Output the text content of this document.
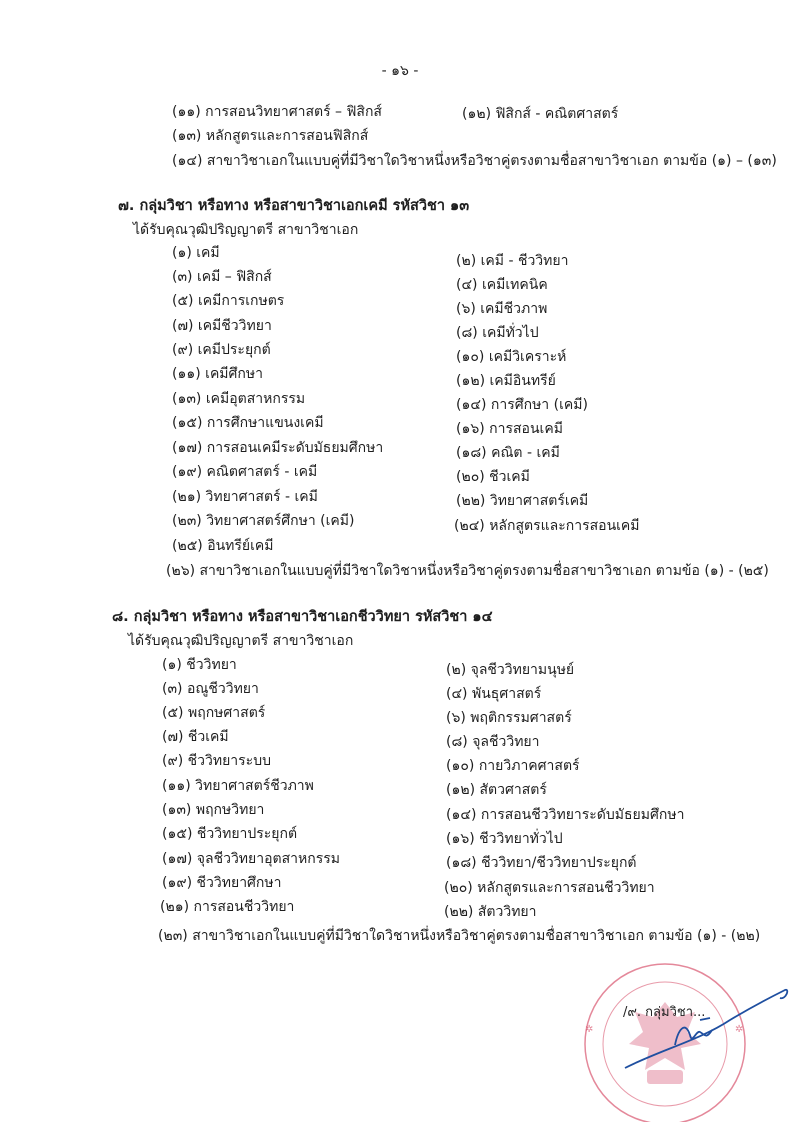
- ๑๖ -
(๑๑) การสอนวิทยาศาสตร์ – ฟิสิกส์	(๑๒) ฟิสิกส์ - คณิตศาสตร์
(๑๓) หลักสูตรและการสอนฟิสิกส์
(๑๔) สาขาวิชาเอกในแบบคู่ที่มีวิชาใดวิชาหนึ่งหรือวิชาคู่ตรงตามชื่อสาขาวิชาเอก ตามข้อ (๑) – (๑๓)
๗. กลุ่มวิชา หรือทาง หรือสาขาวิชาเอกเคมี รหัสวิชา ๑๓
ได้รับคุณวุฒิปริญญาตรี สาขาวิชาเอก
(๑) เคมี	(๒) เคมี - ชีววิทยา
(๓) เคมี – ฟิสิกส์	(๔) เคมีเทคนิค
(๕) เคมีการเกษตร	(๖) เคมีชีวภาพ
(๗) เคมีชีววิทยา	(๘) เคมีทั่วไป
(๙) เคมีประยุกต์	(๑๐) เคมีวิเคราะห์
(๑๑) เคมีศึกษา	(๑๒) เคมีอินทรีย์
(๑๓) เคมีอุตสาหกรรม	(๑๔) การศึกษา (เคมี)
(๑๕) การศึกษาแขนงเคมี	(๑๖) การสอนเคมี
(๑๗) การสอนเคมีระดับมัธยมศึกษา	(๑๘) คณิต - เคมี
(๑๙) คณิตศาสตร์ - เคมี	(๒๐) ชีวเคมี
(๒๑) วิทยาศาสตร์ - เคมี	(๒๒) วิทยาศาสตร์เคมี
(๒๓) วิทยาศาสตร์ศึกษา (เคมี)	(๒๔) หลักสูตรและการสอนเคมี
(๒๕) อินทรีย์เคมี
(๒๖) สาขาวิชาเอกในแบบคู่ที่มีวิชาใดวิชาหนึ่งหรือวิชาคู่ตรงตามชื่อสาขาวิชาเอก ตามข้อ (๑) - (๒๕)
๘. กลุ่มวิชา หรือทาง หรือสาขาวิชาเอกชีววิทยา รหัสวิชา ๑๔
ได้รับคุณวุฒิปริญญาตรี สาขาวิชาเอก
(๑) ชีววิทยา	(๒) จุลชีววิทยามนุษย์
(๓) อณูชีววิทยา	(๔) พันธุศาสตร์
(๕) พฤกษศาสตร์	(๖) พฤติกรรมศาสตร์
(๗) ชีวเคมี	(๘) จุลชีววิทยา
(๙) ชีววิทยาระบบ	(๑๐) กายวิภาคศาสตร์
(๑๑) วิทยาศาสตร์ชีวภาพ	(๑๒) สัตวศาสตร์
(๑๓) พฤกษวิทยา	(๑๔) การสอนชีววิทยาระดับมัธยมศึกษา
(๑๕) ชีววิทยาประยุกต์	(๑๖) ชีววิทยาทั่วไป
(๑๗) จุลชีววิทยาอุตสาหกรรม	(๑๘) ชีววิทยา/ชีววิทยาประยุกต์
(๑๙) ชีววิทยาศึกษา	(๒๐) หลักสูตรและการสอนชีววิทยา
(๒๑) การสอนชีววิทยา	(๒๒) สัตววิทยา
(๒๓) สาขาวิชาเอกในแบบคู่ที่มีวิชาใดวิชาหนึ่งหรือวิชาคู่ตรงตามชื่อสาขาวิชาเอก ตามข้อ (๑) - (๒๒)
✲	✲
/๙. กลุ่มวิชา...
